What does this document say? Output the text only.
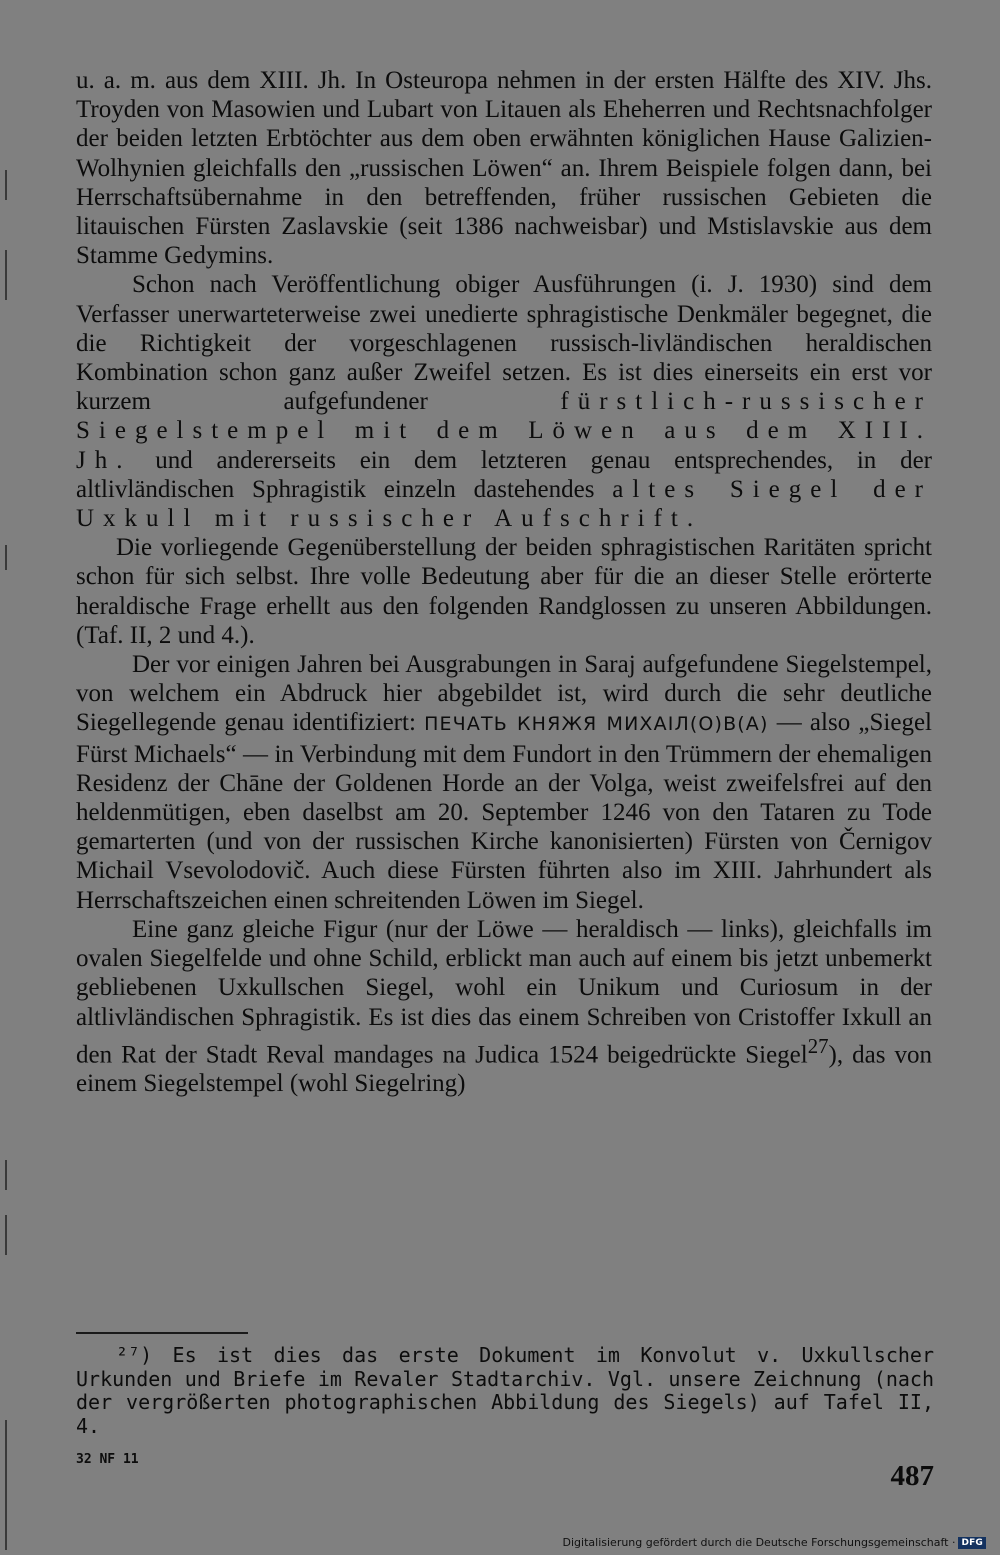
u. a. m. aus dem XIII. Jh. In Osteuropa nehmen in der ersten Hälfte des XIV. Jhs. Troyden von Masowien und Lubart von Litauen als Eheherren und Rechtsnachfolger der beiden letzten Erbtöchter aus dem oben erwähnten königlichen Hause Galizien-Wolhynien gleichfalls den „russischen Löwen“ an. Ihrem Beispiele folgen dann, bei Herrschaftsübernahme in den betreffenden, früher russischen Gebieten die litauischen Fürsten Zaslavskie (seit 1386 nachweisbar) und Mstislavskie aus dem Stamme Gedymins.

Schon nach Veröffentlichung obiger Ausführungen (i. J. 1930) sind dem Verfasser unerwarteterweise zwei unedierte sphragistische Denkmäler begegnet, die die Richtigkeit der vorgeschlagenen russisch-livländischen heraldischen Kombination schon ganz außer Zweifel setzen. Es ist dies einerseits ein erst vor kurzem aufgefundener fürstlich-russischer Siegelstempel mit dem Löwen aus dem XIII. Jh. und andererseits ein dem letzteren genau entsprechendes, in der altlivländischen Sphragistik einzeln dastehendes altes Siegel der Uxkull mit russischer Aufschrift.

Die vorliegende Gegenüberstellung der beiden sphragistischen Raritäten spricht schon für sich selbst. Ihre volle Bedeutung aber für die an dieser Stelle erörterte heraldische Frage erhellt aus den folgenden Randglossen zu unseren Abbildungen. (Taf. II, 2 und 4.).

Der vor einigen Jahren bei Ausgrabungen in Saraj aufgefundene Siegelstempel, von welchem ein Abdruck hier abgebildet ist, wird durch die sehr deutliche Siegellegende genau identifiziert: ПЕЧАТЬ КНЯЖЯ МИХАІЛ(О)В(А) — also „Siegel Fürst Michaels“ — in Verbindung mit dem Fundort in den Trümmern der ehemaligen Residenz der Chāne der Goldenen Horde an der Volga, weist zweifelsfrei auf den heldenmütigen, eben daselbst am 20. September 1246 von den Tataren zu Tode gemarterten (und von der russischen Kirche kanonisierten) Fürsten von Černigov Michail Vsevolodovič. Auch diese Fürsten führten also im XIII. Jahrhundert als Herrschaftszeichen einen schreitenden Löwen im Siegel.

Eine ganz gleiche Figur (nur der Löwe — heraldisch — links), gleichfalls im ovalen Siegelfelde und ohne Schild, erblickt man auch auf einem bis jetzt unbemerkt gebliebenen Uxkullschen Siegel, wohl ein Unikum und Curiosum in der altlivländischen Sphragistik. Es ist dies das einem Schreiben von Cristoffer Ixkull an den Rat der Stadt Reval mandages na Judica 1524 beigedrückte Siegel$^{27}$), das von einem Siegelstempel (wohl Siegelring)

²⁷) Es ist dies das erste Dokument im Konvolut v. Uxkullscher Urkunden und Briefe im Revaler Stadtarchiv. Vgl. unsere Zeichnung (nach der vergrößerten photographischen Abbildung des Siegels) auf Tafel II, 4.

32 NF 11
487
Digitalisierung gefördert durch die Deutsche Forschungsgemeinschaft · DFG
